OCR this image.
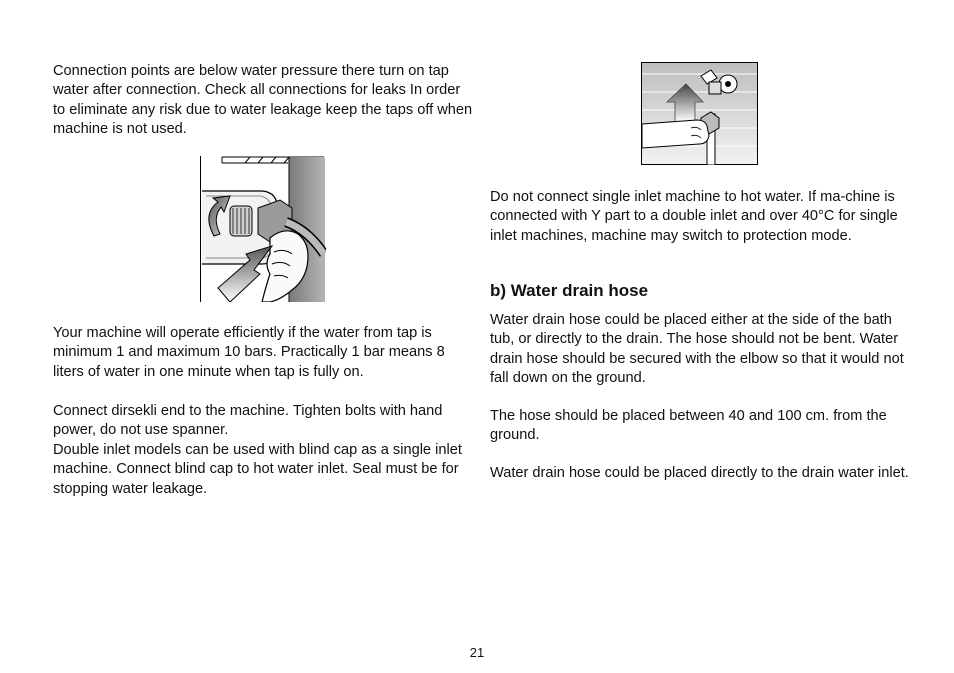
Connection points are below water pressure there turn on tap water after connection. Check all connections for leaks In order to eliminate any risk due to water leakage keep the taps off when machine is not used.

Your machine will operate efficiently if the water from tap is minimum 1 and maximum 10 bars. Practically 1 bar means 8 liters of water in one minute when tap is fully on.

Connect dirsekli end to the machine. Tighten bolts with hand power, do not use spanner.

Double inlet models can be used with blind cap as a single inlet machine. Connect blind cap to hot water inlet. Seal must be for stopping water leakage.

Do not connect single inlet machine to hot water. If ma-chine is connected with Y part to a double inlet and over 40°C for single inlet machines, machine may switch to protection mode.

b) Water drain hose

Water drain hose could be placed either at the side of the bath tub, or directly to the drain. The hose should not be bent. Water drain hose should be secured with the elbow so that it would not fall down on the ground.

The hose should be placed between 40 and 100 cm. from the ground.

Water drain hose could be placed directly to the drain water inlet.

21
